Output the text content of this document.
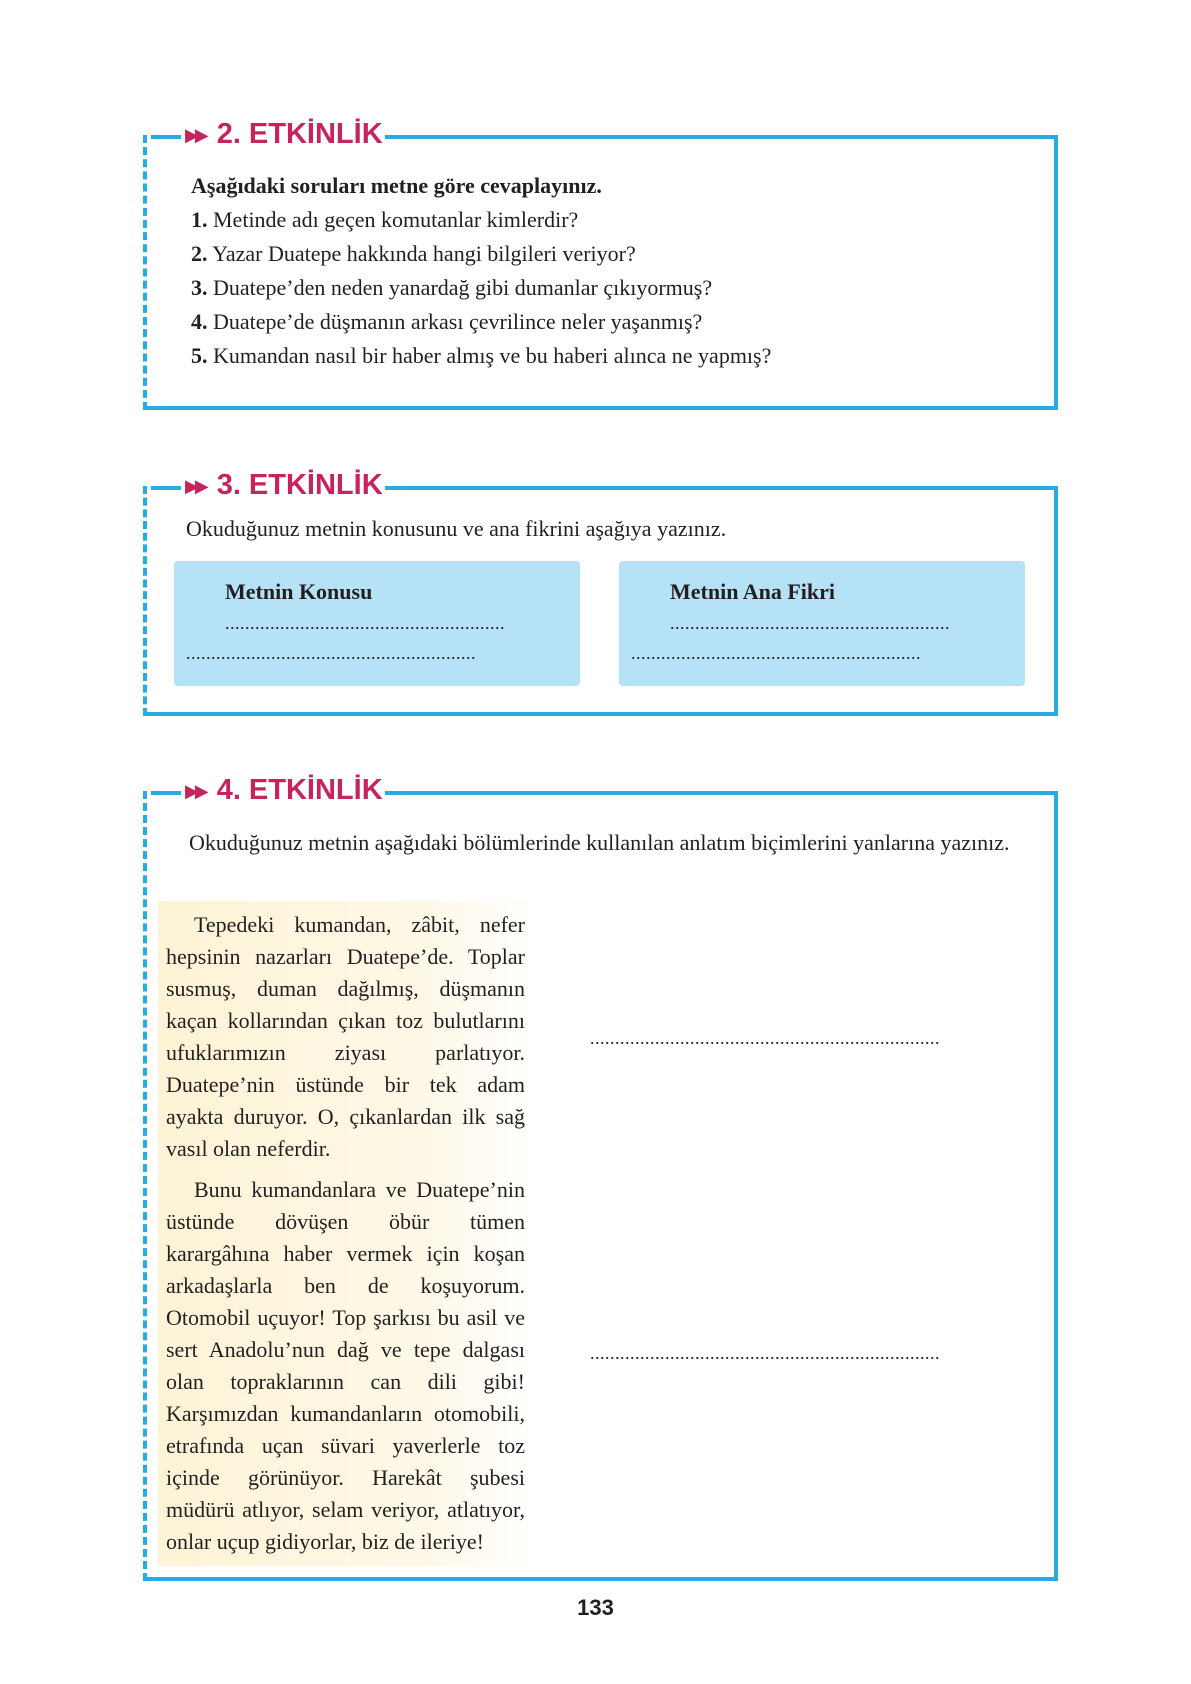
▶▶ 2. ETKİNLİK
Aşağıdaki soruları metne göre cevaplayınız.
1. Metinde adı geçen komutanlar kimlerdir?
2. Yazar Duatepe hakkında hangi bilgileri veriyor?
3. Duatepe’den neden yanardağ gibi dumanlar çıkıyormuş?
4. Duatepe’de düşmanın arkası çevrilince neler yaşanmış?
5. Kumandan nasıl bir haber almış ve bu haberi alınca ne yapmış?
▶▶ 3. ETKİNLİK
Okuduğunuz metnin konusunu ve ana fikrini aşağıya yazınız.
Metnin Konusu
........................................................
..........................................................
Metnin Ana Fikri
........................................................
..........................................................
▶▶ 4. ETKİNLİK
Okuduğunuz metnin aşağıdaki bölümlerinde kullanılan anlatım biçimlerini yanlarına yazınız.

Tepedeki kumandan, zâbit, nefer hepsinin nazarları Duatepe’de. Toplar susmuş, duman dağılmış, düşmanın kaçan kollarından çıkan toz bulutlarını ufuklarımızın ziyası parlatıyor. Duatepe’nin üstünde bir tek adam ayakta duruyor. O, çıkanlardan ilk sağ vasıl olan neferdir.

......................................................................

Bunu kumandanlara ve Duatepe’nin üstünde dövüşen öbür tümen karargâhına haber vermek için koşan arkadaşlarla ben de koşuyorum. Otomobil uçuyor! Top şarkısı bu asil ve sert Anadolu’nun dağ ve tepe dalgası olan topraklarının can dili gibi! Karşımızdan kumandanların otomobili, etrafında uçan süvari yaverlerle toz içinde görünüyor. Harekât şubesi müdürü atlıyor, selam veriyor, atlatıyor, onlar uçup gidiyorlar, biz de ileriye!

......................................................................
133
